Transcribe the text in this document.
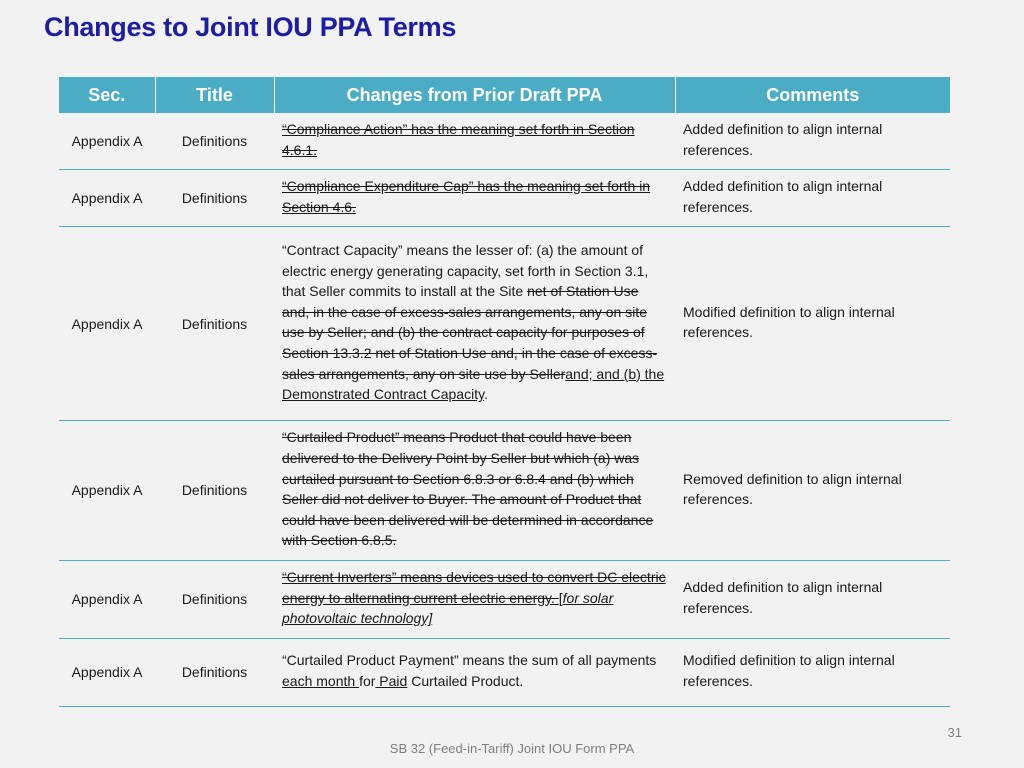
Changes to Joint IOU PPA Terms
Sec.	Title	Changes from Prior Draft PPA	Comments
Appendix A	Definitions	“Compliance Action” has the meaning set forth in Section 4.6.1.	Added definition to align internal references.
Appendix A	Definitions	“Compliance Expenditure Cap” has the meaning set forth in Section 4.6.	Added definition to align internal references.
Appendix A	Definitions	“Contract Capacity” means the lesser of: (a) the amount of electric energy generating capacity, set forth in Section 3.1, that Seller commits to install at the Site net of Station Use and, in the case of excess-sales arrangements, any on site use by Seller; and (b) the contract capacity for purposes of Section 13.3.2 net of Station Use and, in the case of excess-sales arrangements, any on site use by Sellerand; and (b) the Demonstrated Contract Capacity.	Modified definition to align internal references.
Appendix A	Definitions	“Curtailed Product” means Product that could have been delivered to the Delivery Point by Seller but which (a) was curtailed pursuant to Section 6.8.3 or 6.8.4 and (b) which Seller did not deliver to Buyer. The amount of Product that could have been delivered will be determined in accordance with Section 6.8.5.	Removed definition to align internal references.
Appendix A	Definitions	“Current Inverters” means devices used to convert DC electric energy to alternating current electric energy. [for solar photovoltaic technology]	Added definition to align internal references.
Appendix A	Definitions	“Curtailed Product Payment” means the sum of all payments each month for Paid Curtailed Product.	Modified definition to align internal references.
31
SB 32 (Feed-in-Tariff) Joint IOU Form PPA
